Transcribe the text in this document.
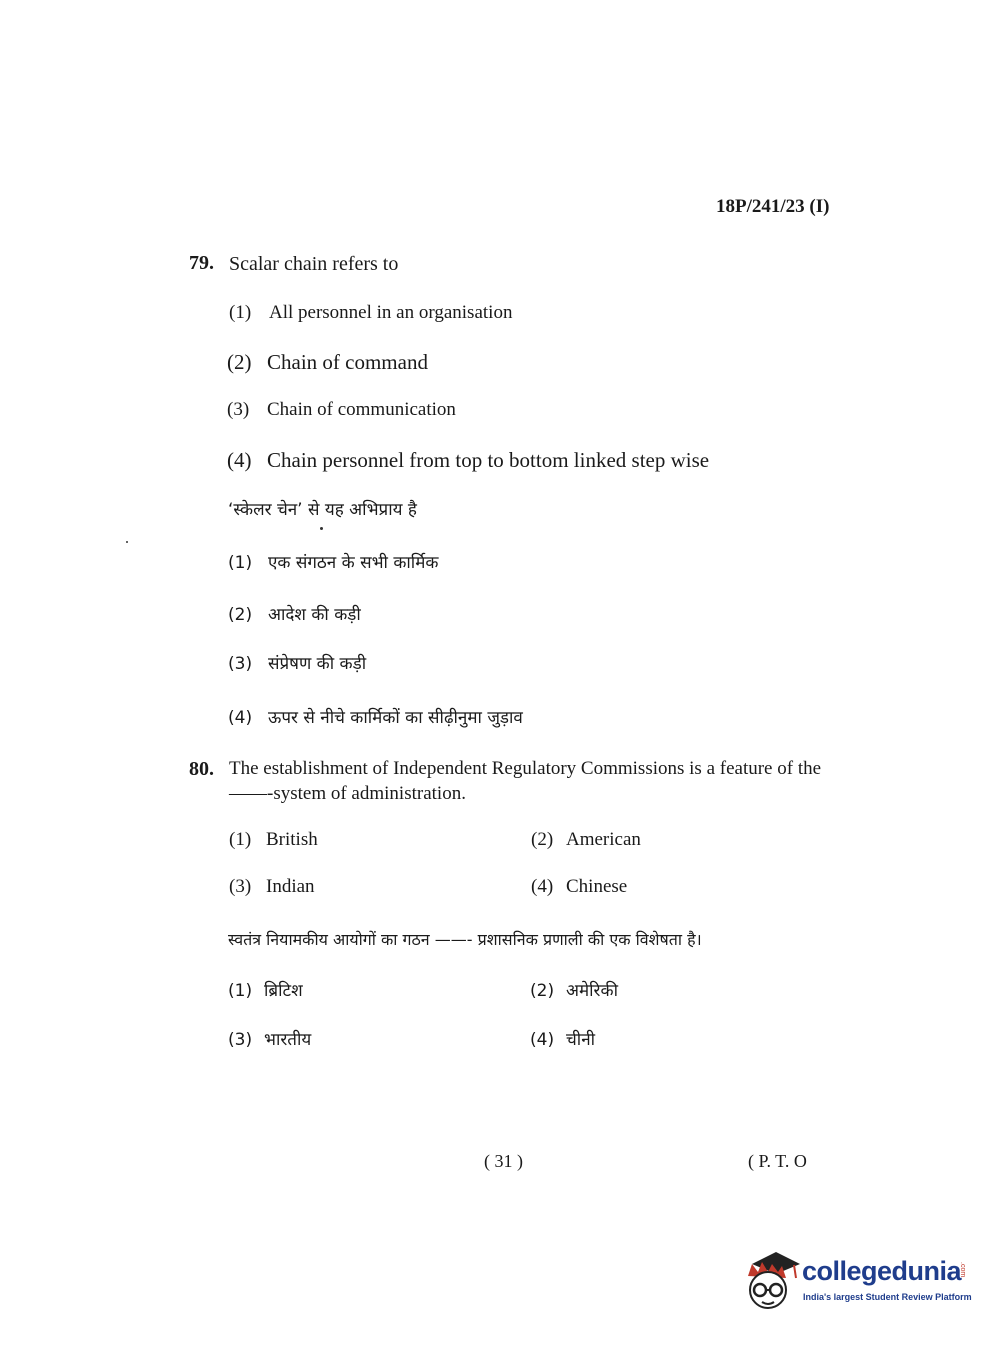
18P/241/23 (I)
79. Scalar chain refers to
(1) All personnel in an organisation
(2) Chain of command
(3) Chain of communication
(4) Chain personnel from top to bottom linked step wise
‘स्केलर चेन’ से यह अभिप्राय है
(1) एक संगठन के सभी कार्मिक
(2) आदेश की कड़ी
(3) संप्रेषण की कड़ी
(4) ऊपर से नीचे कार्मिकों का सीढ़ीनुमा जुड़ाव
80. The establishment of Independent Regulatory Commissions is a feature of the
——-system of administration.
(1) British	(2) American
(3) Indian	(4) Chinese
स्वतंत्र नियामकीय आयोगों का गठन ——- प्रशासनिक प्रणाली की एक विशेषता है।
(1) ब्रिटिश	(2) अमेरिकी
(3) भारतीय	(4) चीनी
( 31 )	( P. T. O
collegedunia
.com
India's largest Student Review Platform
